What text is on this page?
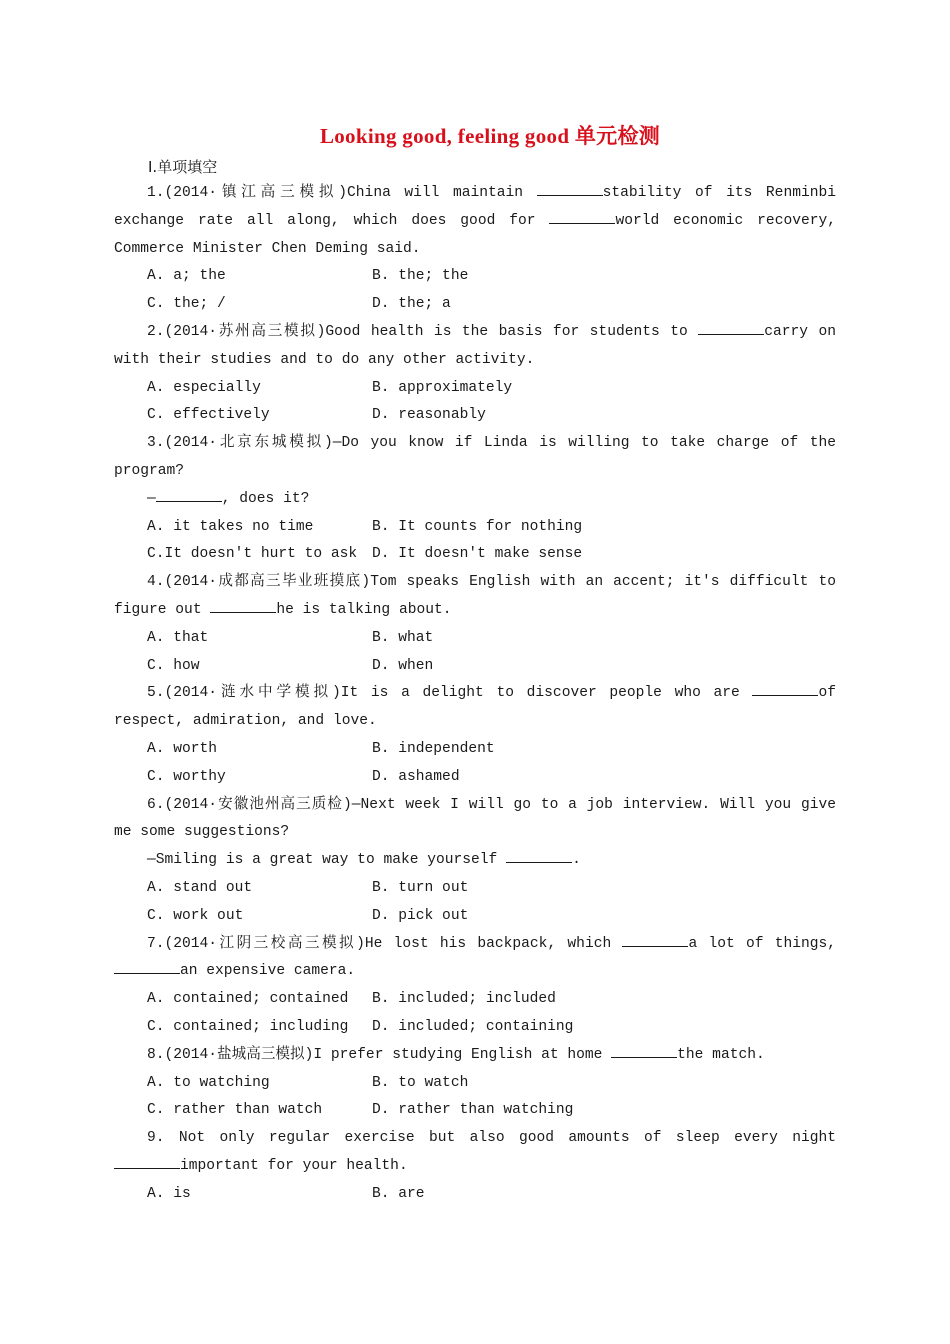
Looking good, feeling good 单元检测
Ⅰ.单项填空
1.(2014·镇江高三模拟)China will maintain	stability of its Renminbi exchange rate all along, which does good for	world economic recovery, Commerce Minister Chen Deming said.
A. a; the	B. the; the
C. the; /	D. the; a
2.(2014·苏州高三模拟)Good health is the basis for students to	carry on with their studies and to do any other activity.
A. especially	B. approximately
C. effectively	D. reasonably
3.(2014·北京东城模拟)—Do you know if Linda is willing to take charge of the program?
—	, does it?
A. it takes no time	B. It counts for nothing
C.It doesn't hurt to ask	D. It doesn't make sense
4.(2014·成都高三毕业班摸底)Tom speaks English with an accent; it's difficult to figure out	he is talking about.
A. that	B. what
C. how	D. when
5.(2014·涟水中学模拟)It is a delight to discover people who are	of respect, admiration, and love.
A. worth	B. independent
C. worthy	D. ashamed
6.(2014·安徽池州高三质检)—Next week I will go to a job interview. Will you give me some suggestions?
—Smiling is a great way to make yourself	.
A. stand out	B. turn out
C. work out	D. pick out
7.(2014·江阴三校高三模拟)He lost his backpack, which	a lot of things, an expensive camera.
A. contained; contained	B. included; included
C. contained; including	D. included; containing
8.(2014·盐城高三模拟)I prefer studying English at home	the match.
A. to watching	B. to watch
C. rather than watch	D. rather than watching
9. Not only regular exercise but also good amounts of sleep every night important for your health.
A. is	B. are
